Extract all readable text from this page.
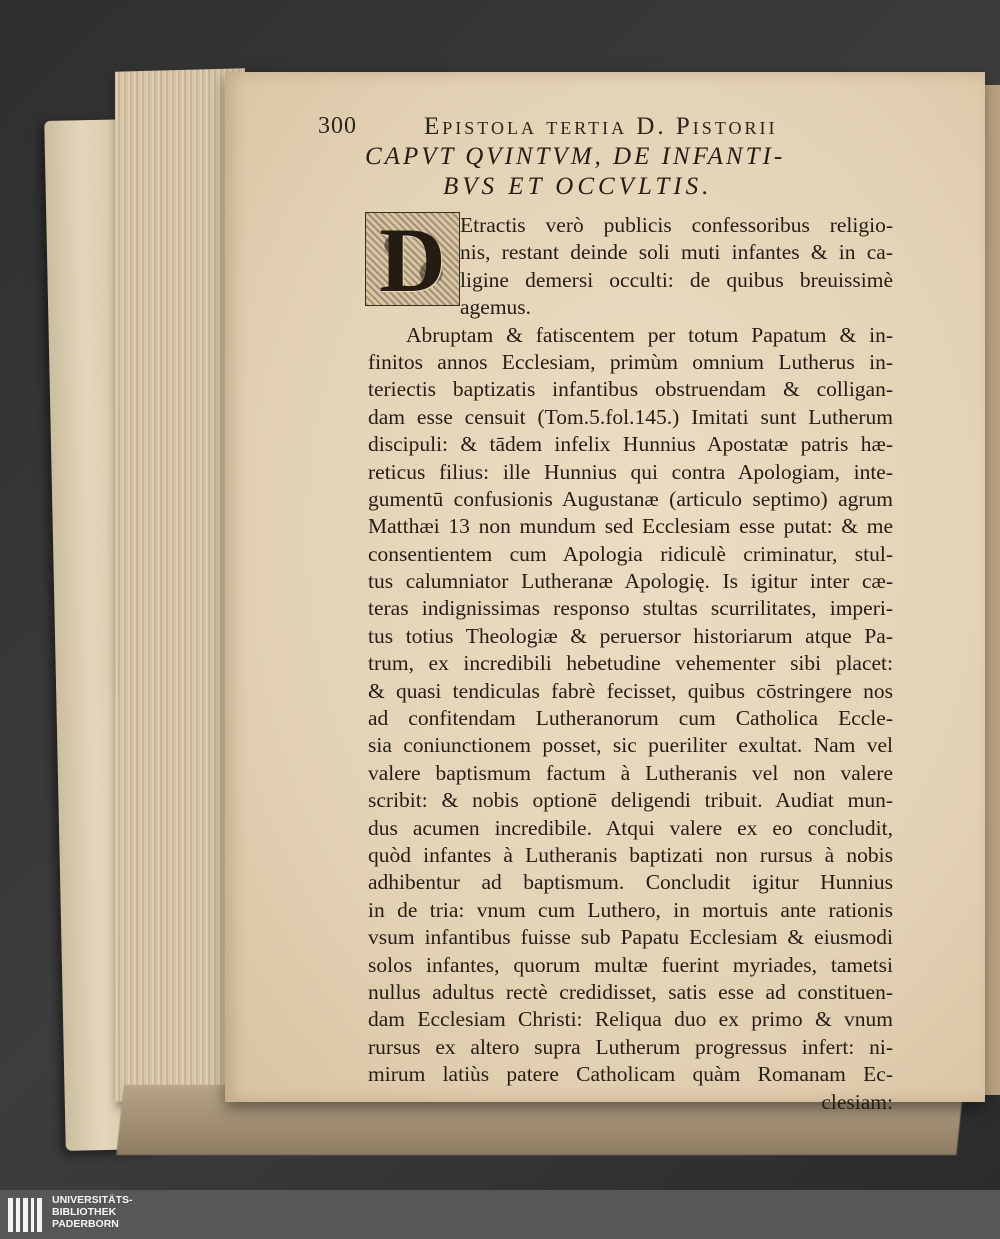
300	Epistola tertia D. Pistorii
CAPVT QVINTVM, DE INFANTI-
BVS ET OCCVLTIS.
D Etractis verò publicis confessoribus religio-
nis, restant deinde soli muti infantes & in ca-
ligine demersi occulti: de quibus breuissimè
agemus.
Abruptam & fatiscentem per totum Papatum & in-
finitos annos Ecclesiam, primùm omnium Lutherus in-
teriectis baptizatis infantibus obstruendam & colligan-
dam esse censuit (Tom.5.fol.145.) Imitati sunt Lutherum
discipuli: & tādem infelix Hunnius Apostatæ patris hæ-
reticus filius: ille Hunnius qui contra Apologiam, inte-
gumentū confusionis Augustanæ (articulo septimo) agrum
Matthæi 13 non mundum sed Ecclesiam esse putat: & me
consentientem cum Apologia ridiculè criminatur, stul-
tus calumniator Lutheranæ Apologię. Is igitur inter cæ-
teras indignissimas responso stultas scurrilitates, imperi-
tus totius Theologiæ & peruersor historiarum atque Pa-
trum, ex incredibili hebetudine vehementer sibi placet:
& quasi tendiculas fabrè fecisset, quibus cōstringere nos
ad confitendam Lutheranorum cum Catholica Eccle-
sia coniunctionem posset, sic pueriliter exultat. Nam vel
valere baptismum factum à Lutheranis vel non valere
scribit: & nobis optionē deligendi tribuit. Audiat mun-
dus acumen incredibile. Atqui valere ex eo concludit,
quòd infantes à Lutheranis baptizati non rursus à nobis
adhibentur ad baptismum. Concludit igitur Hunnius
in de tria: vnum cum Luthero, in mortuis ante rationis
vsum infantibus fuisse sub Papatu Ecclesiam & eiusmodi
solos infantes, quorum multæ fuerint myriades, tametsi
nullus adultus rectè credidisset, satis esse ad constituen-
dam Ecclesiam Christi: Reliqua duo ex primo & vnum
rursus ex altero supra Lutherum progressus infert: ni-
mirum latiùs patere Catholicam quàm Romanam Ec-
clesiam:
UNIVERSITÄTS-
BIBLIOTHEK
PADERBORN
